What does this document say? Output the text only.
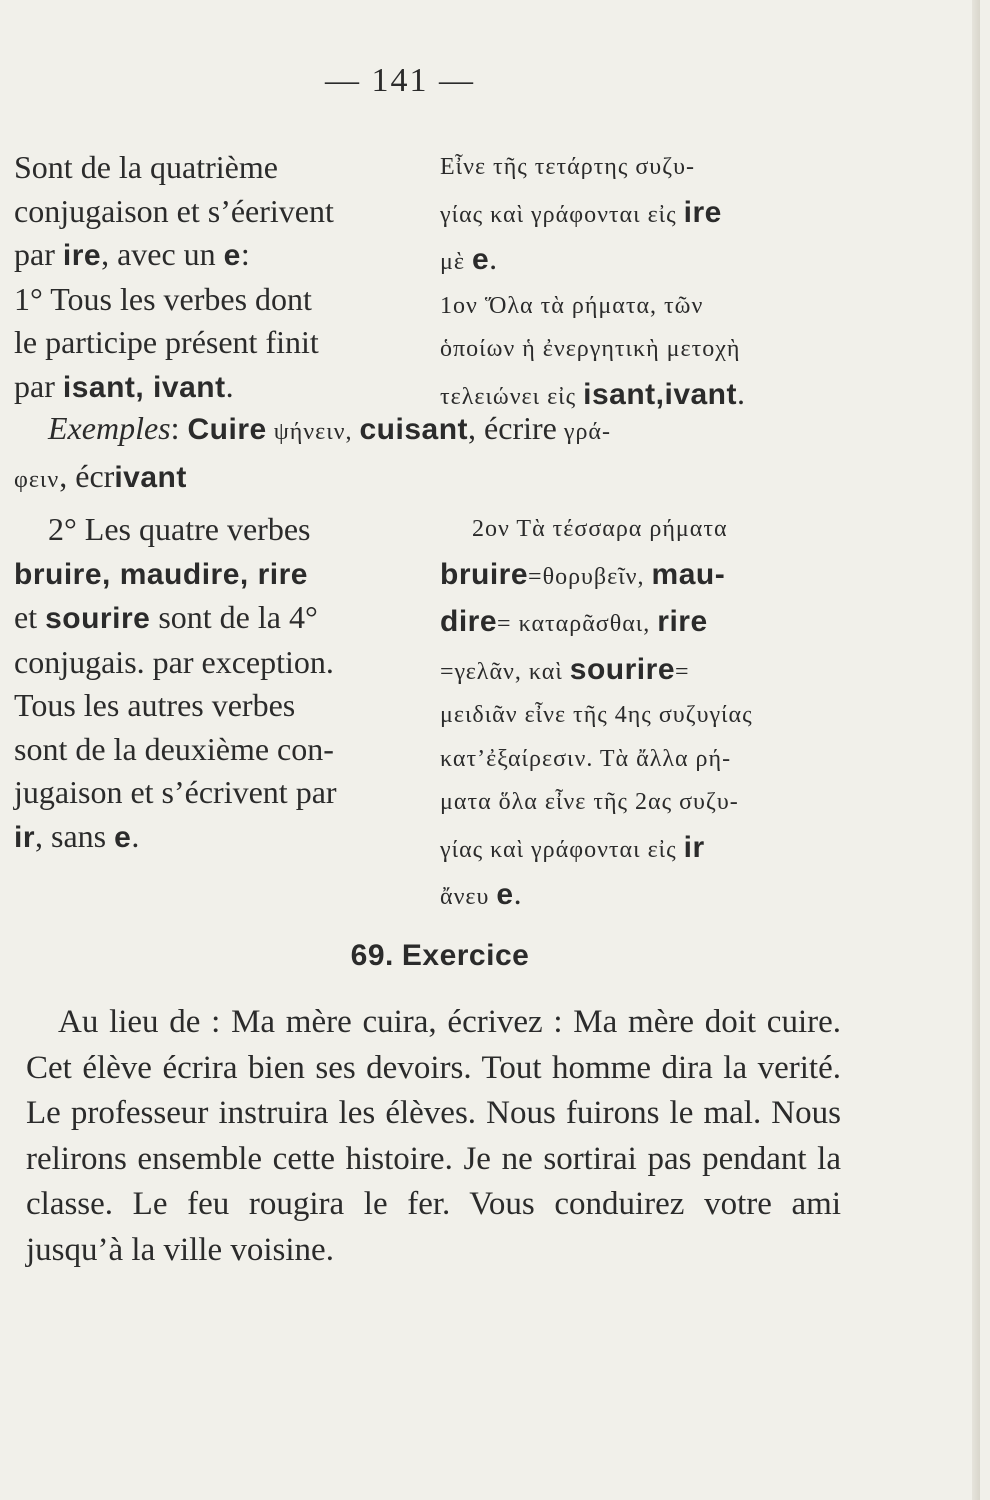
— 141 —
Sont de la quatrième
conjugaison et s’éerivent
par ire, avec un e:
1° Tous les verbes dont
le participe présent finit
par isant, ivant.
Εἶνε τῆς τετάρτης συζυ-
γίας καὶ γράφονται εἰς ire
μὲ e.
1ον Ὅλα τὰ ρήματα, τῶν
ὁποίων ἡ ἐνεργητικὴ μετοχὴ
τελειώνει εἰς isant,ivant.
Exemples: Cuire ψήνειν, cuisant, écrire γρά-
φειν, écrivant
2° Les quatre verbes
bruire, maudire, rire
et sourire sont de la 4°
conjugais. par exception.
Tous les autres verbes
sont de la deuxième con-
jugaison et s’écrivent par
ir, sans e.
2ον Τὰ τέσσαρα ρήματα
bruire=θορυβεῖν, mau-
dire= καταρᾶσθαι, rire
=γελᾶν, καὶ sourire=
μειδιᾶν εἶνε τῆς 4ης συζυγίας
κατ’ἐξαίρεσιν. Τὰ ἄλλα ρή-
ματα ὅλα εἶνε τῆς 2ας συζυ-
γίας καὶ γράφονται εἰς ir
ἄνευ e.
69. Exercice
Au lieu de : Ma mère cuira, écrivez : Ma mère doit cuire. Cet élève écrira bien ses devoirs. Tout homme dira la verité. Le professeur instruira les élèves. Nous fuirons le mal. Nous relirons ensemble cette histoire. Je ne sortirai pas pendant la classe. Le feu rougira le fer. Vous conduirez votre ami jusqu’à la ville voisine.
